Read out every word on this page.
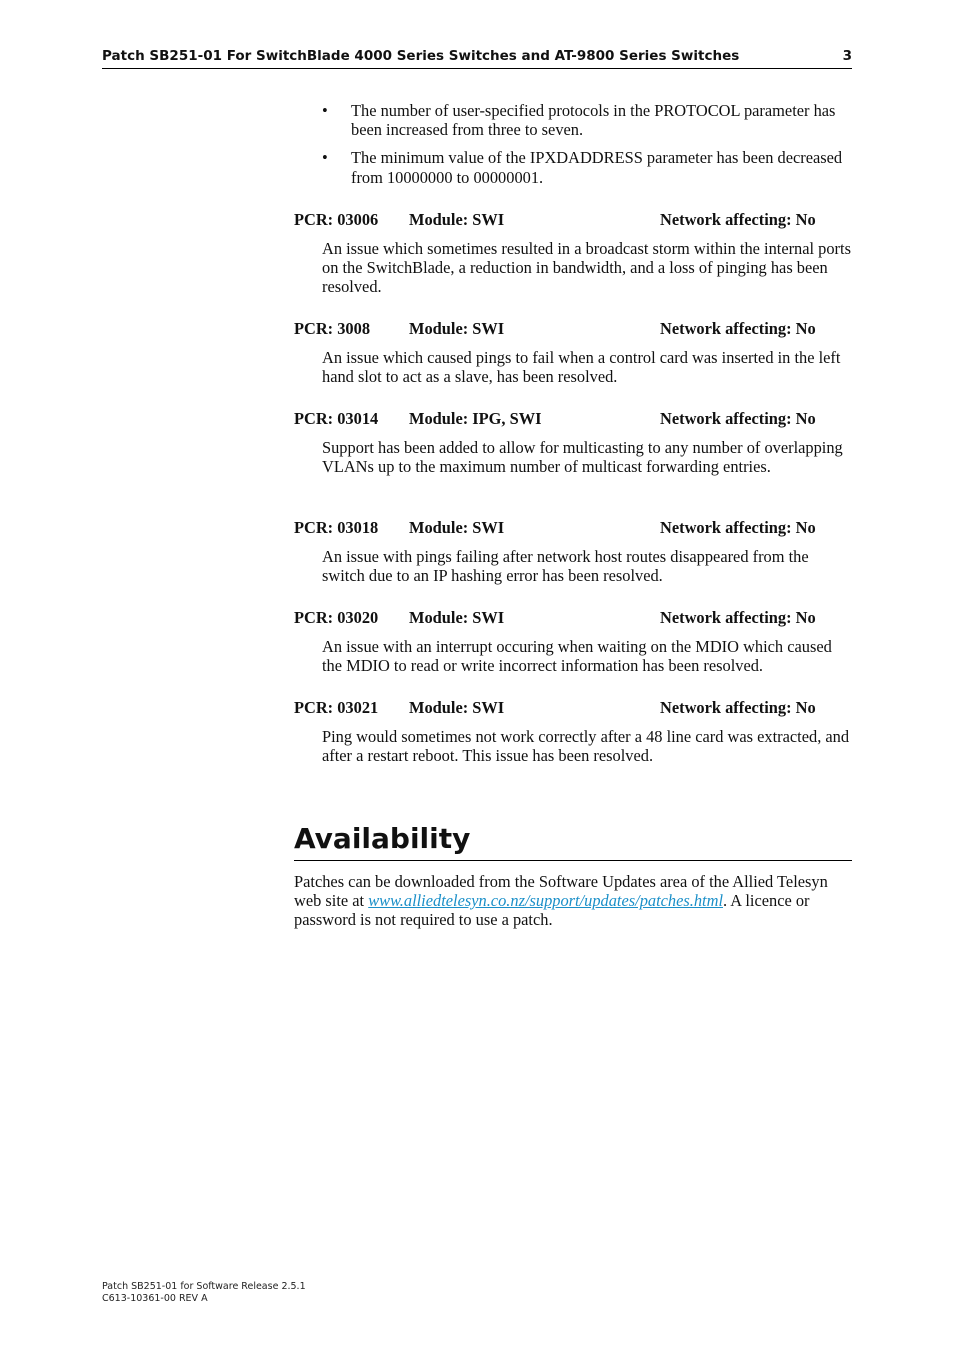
Patch SB251-01 For SwitchBlade 4000 Series Switches and AT-9800 Series Switches	3
• The number of user-specified protocols in the PROTOCOL parameter has been increased from three to seven.
• The minimum value of the IPXDADDRESS parameter has been decreased from 10000000 to 00000001.
PCR: 03006 Module: SWI	Network affecting: No
An issue which sometimes resulted in a broadcast storm within the internal ports on the SwitchBlade, a reduction in bandwidth, and a loss of pinging has been resolved.
PCR: 3008 Module: SWI	Network affecting: No
An issue which caused pings to fail when a control card was inserted in the left hand slot to act as a slave, has been resolved.
PCR: 03014 Module: IPG, SWI	Network affecting: No
Support has been added to allow for multicasting to any number of overlapping VLANs up to the maximum number of multicast forwarding entries.
PCR: 03018 Module: SWI	Network affecting: No
An issue with pings failing after network host routes disappeared from the switch due to an IP hashing error has been resolved.
PCR: 03020 Module: SWI	Network affecting: No
An issue with an interrupt occuring when waiting on the MDIO which caused the MDIO to read or write incorrect information has been resolved.
PCR: 03021 Module: SWI	Network affecting: No
Ping would sometimes not work correctly after a 48 line card was extracted, and after a restart reboot. This issue has been resolved.
Availability
Patches can be downloaded from the Software Updates area of the Allied Telesyn web site at www.alliedtelesyn.co.nz/support/updates/patches.html. A licence or password is not required to use a patch.
Patch SB251-01 for Software Release 2.5.1
C613-10361-00 REV A
